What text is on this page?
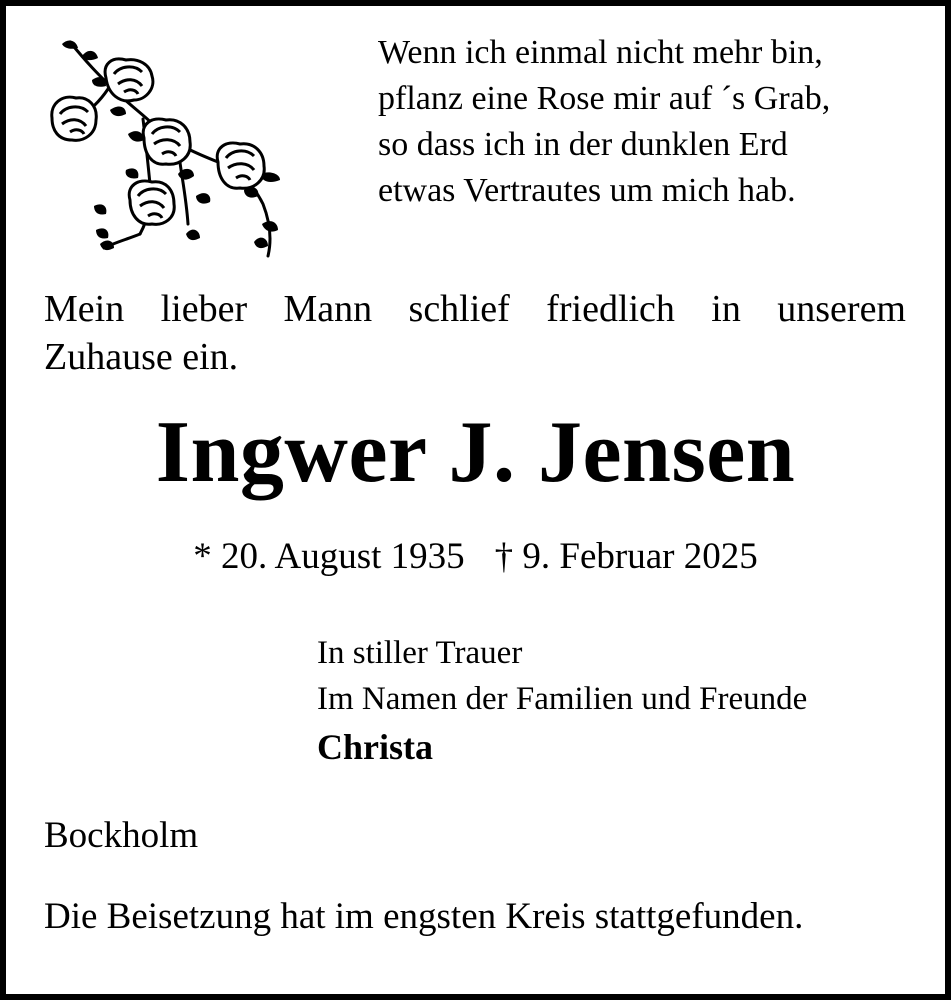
Wenn ich einmal nicht mehr bin,
pflanz eine Rose mir auf ´s Grab,
so dass ich in der dunklen Erd
etwas Vertrautes um mich hab.
Mein lieber Mann schlief friedlich in unserem
Zuhause ein.
Ingwer J. Jensen
* 20. August 1935 † 9. Februar 2025
In stiller Trauer
Im Namen der Familien und Freunde
Christa
Bockholm
Die Beisetzung hat im engsten Kreis stattgefunden.
